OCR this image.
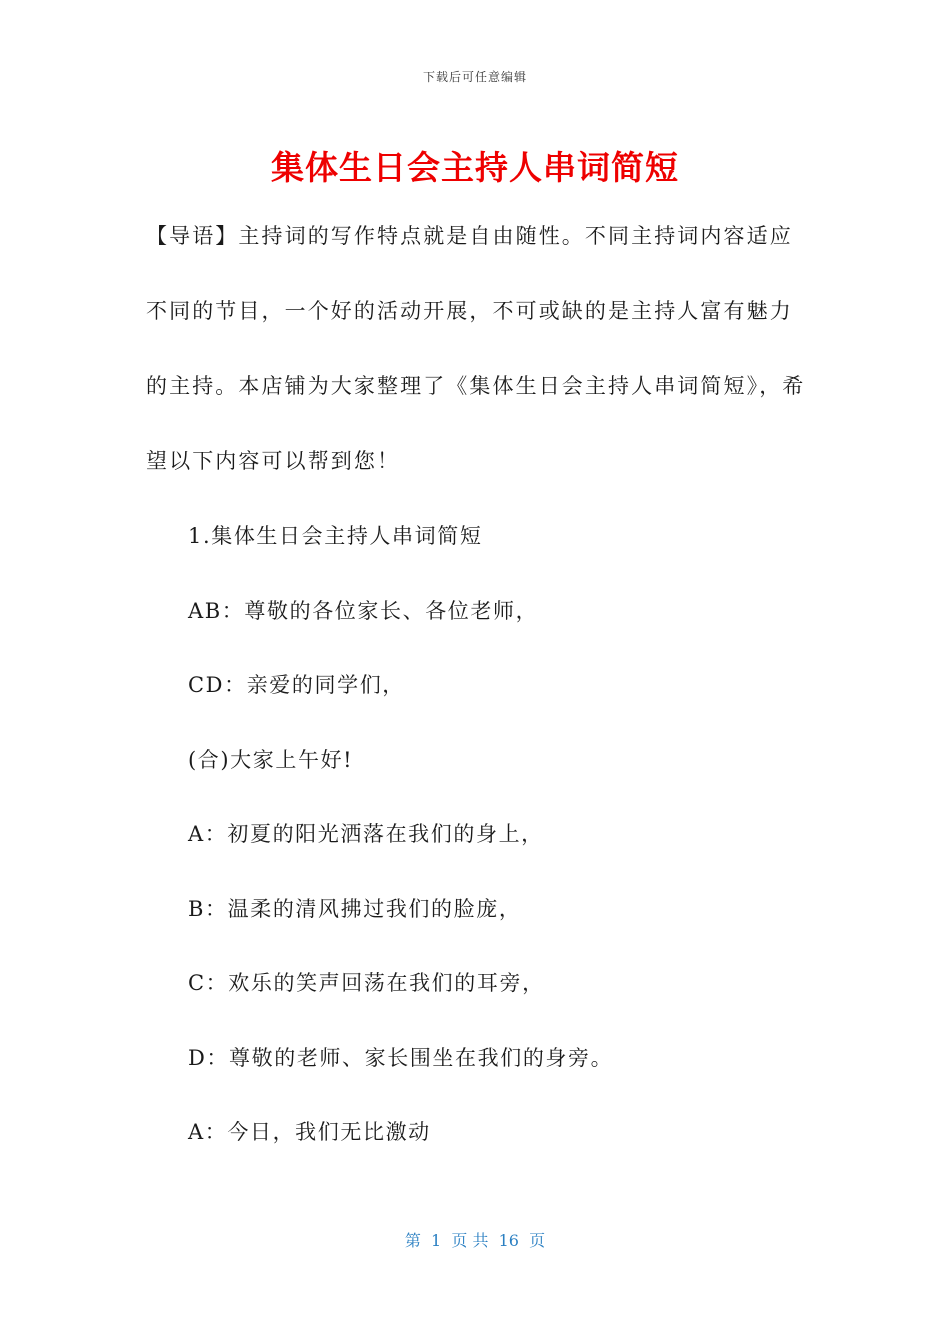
下载后可任意编辑
集体生日会主持人串词简短

【导语】主持词的写作特点就是自由随性。不同主持词内容适应不同的节目，一个好的活动开展，不可或缺的是主持人富有魅力的主持。本店铺为大家整理了《集体生日会主持人串词简短》，希望以下内容可以帮到您！

1.集体生日会主持人串词简短
AB：尊敬的各位家长、各位老师，
CD：亲爱的同学们，
(合)大家上午好!
A：初夏的阳光洒落在我们的身上，
B：温柔的清风拂过我们的脸庞，
C：欢乐的笑声回荡在我们的耳旁，
D：尊敬的老师、家长围坐在我们的身旁。
A：今日，我们无比激动
第  1  页 共  16  页
